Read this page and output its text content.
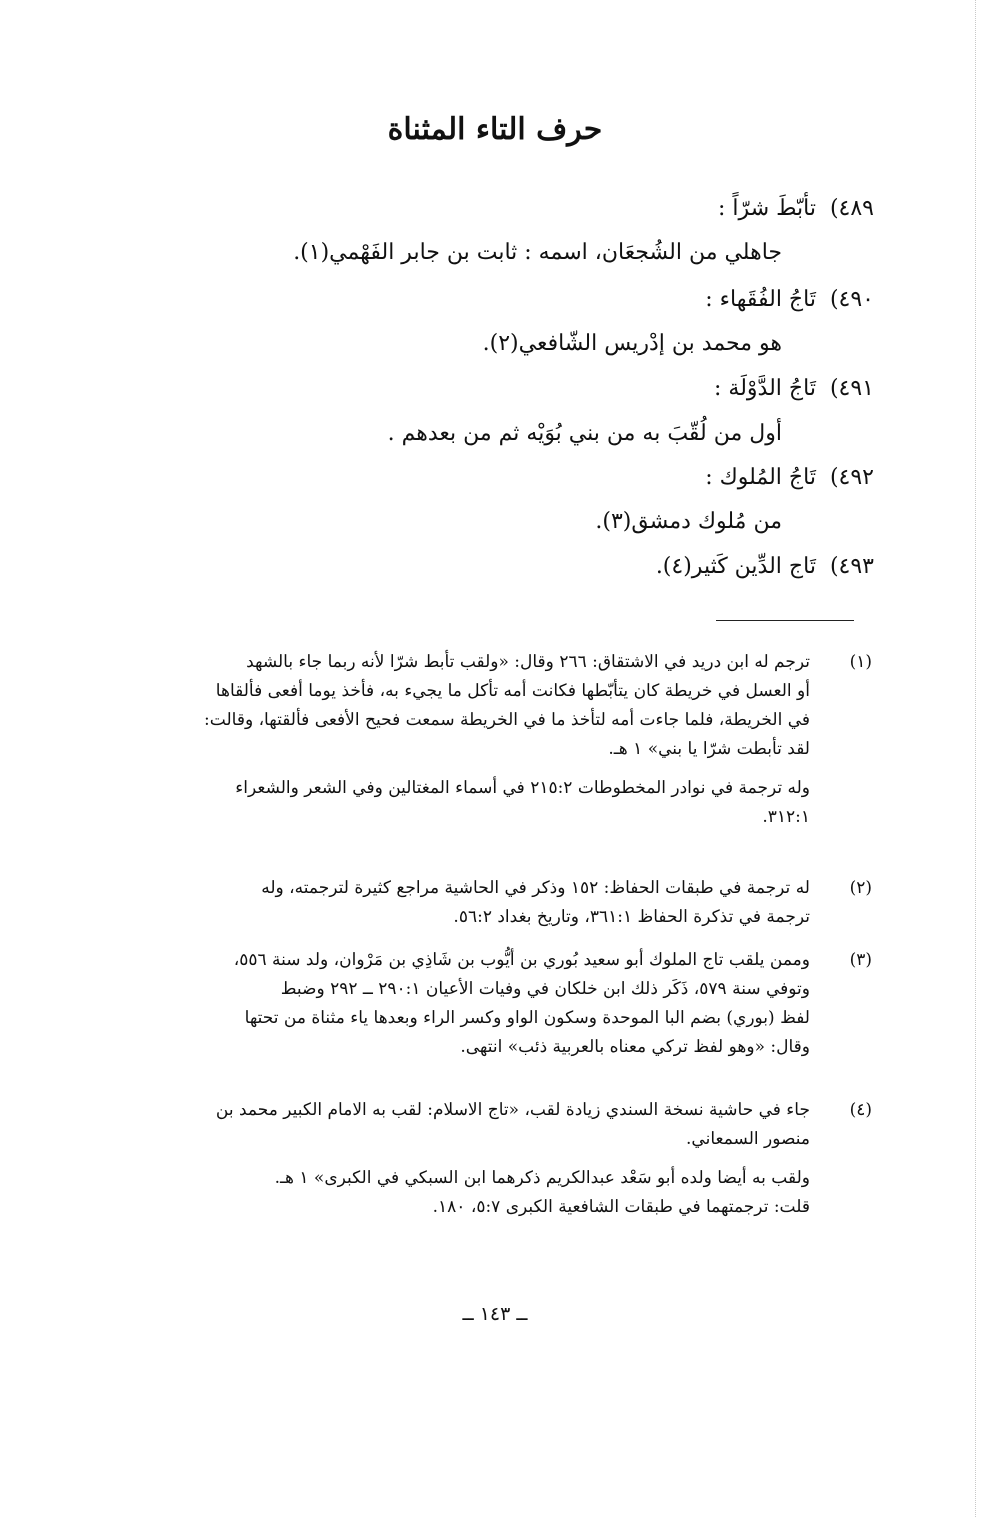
حرف التاء المثناة
٤٨٩)تأبّطَ شرّاً :
جاهلي من الشُجعَان، اسمه : ثابت بن جابر الفَهْمي(١).
٤٩٠)تَاجُ الفُقَهاء :
هو محمد بن إدْريس الشّافعي(٢).
٤٩١)تَاجُ الدَّوْلَة :
أول من لُقّبَ به من بني بُوَيْه ثم من بعدهم .
٤٩٢)تَاجُ المُلوك :
من مُلوك دمشق(٣).
٤٩٣)تَاج الدِّين كَثير(٤).
(١)
ترجم له ابن دريد في الاشتقاق: ٢٦٦ وقال: «ولقب تأبط شرّا لأنه ربما جاء بالشهد
أو العسل في خريطة كان يتأبّطها فكانت أمه تأكل ما يجيء به، فأخذ يوما أفعى فألقاها
في الخريطة، فلما جاءت أمه لتأخذ ما في الخريطة سمعت فحيح الأفعى فألقتها، وقالت:
لقد تأبطت شرّا يا بني» ١ هـ.
وله ترجمة في نوادر المخطوطات ٢١٥:٢ في أسماء المغتالين وفي الشعر والشعراء
٣١٢:١.
(٢)
له ترجمة في طبقات الحفاظ: ١٥٢ وذكر في الحاشية مراجع كثيرة لترجمته، وله
ترجمة في تذكرة الحفاظ ٣٦١:١، وتاريخ بغداد ٥٦:٢.
(٣)
وممن يلقب تاج الملوك أبو سعيد بُوري بن أيُّوب بن شَاذِي بن مَرْوان، ولد سنة ٥٥٦،
وتوفي سنة ٥٧٩، ذَكَر ذلك ابن خلكان في وفيات الأعيان ٢٩٠:١ ــ ٢٩٢ وضبط
لفظ (بوري) بضم البا الموحدة وسكون الواو وكسر الراء وبعدها ياء مثناة من تحتها
وقال: «وهو لفظ تركي معناه بالعربية ذئب» انتهى.
(٤)
جاء في حاشية نسخة السندي زيادة لقب، «تاج الاسلام: لقب به الامام الكبير محمد بن
منصور السمعاني.
ولقب به أيضا ولده أبو سَعْد عبدالكريم ذكرهما ابن السبكي في الكبرى» ١ هـ.
قلت: ترجمتهما في طبقات الشافعية الكبرى ٥:٧، ١٨٠.
ــ ١٤٣ ــ
